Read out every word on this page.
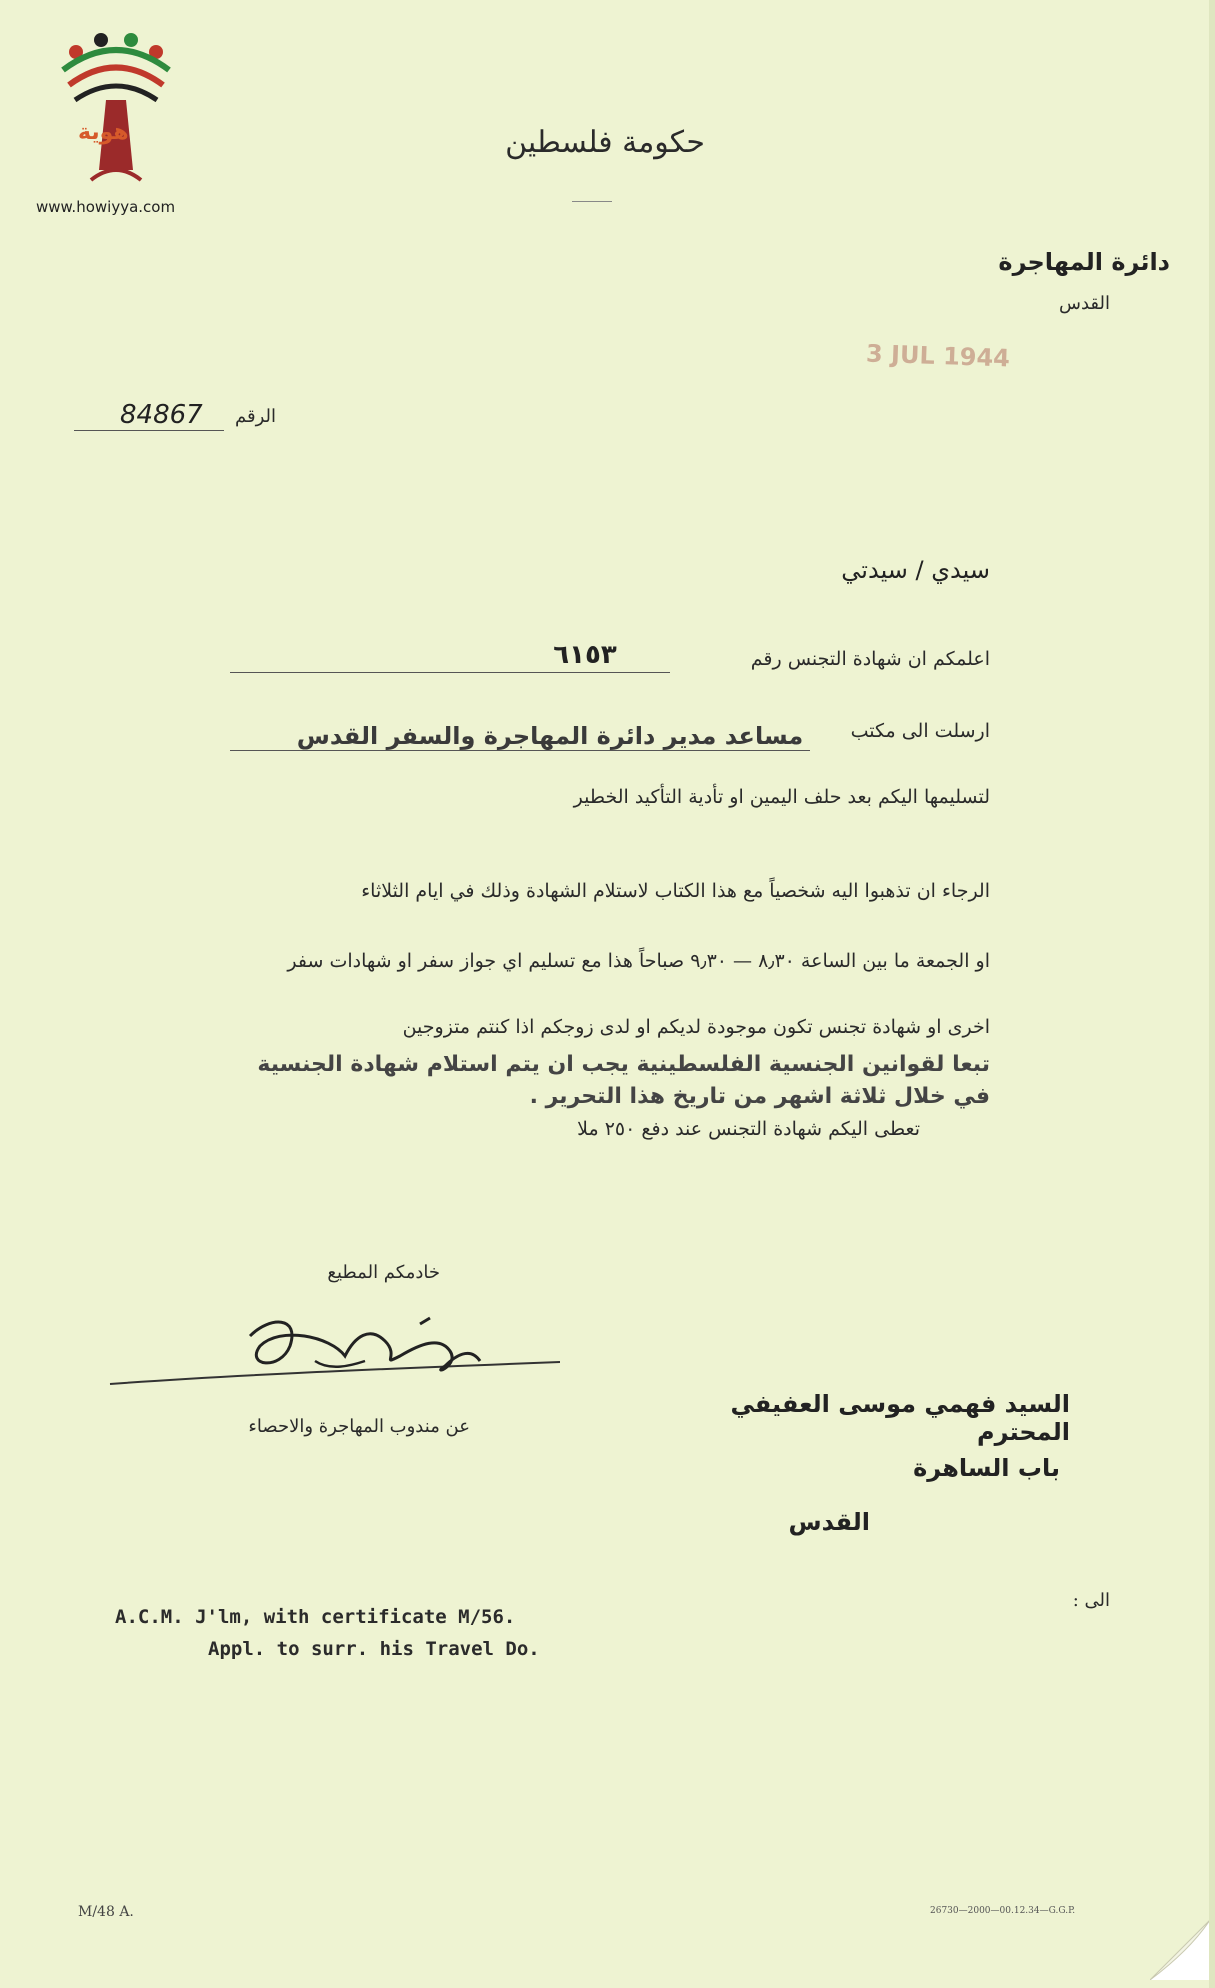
هوية
www.howiyya.com
حكومة فلسطين
دائرة المهاجرة
القدس
3 JUL 1944
الرقم
84867
سيدي / سيدتي
اعلمكم ان شهادة التجنس رقم
٦١٥٣
ارسلت الى مكتب
مساعد مدير دائرة المهاجرة والسفر القدس
لتسليمها اليكم بعد حلف اليمين او تأدية التأكيد الخطير
الرجاء ان تذهبوا اليه شخصياً مع هذا الكتاب لاستلام الشهادة وذلك في ايام الثلاثاء
او الجمعة ما بين الساعة ٨٫٣٠ — ٩٫٣٠ صباحاً هذا مع تسليم اي جواز سفر او شهادات سفر
اخرى او شهادة تجنس تكون موجودة لديكم او لدى زوجكم اذا كنتم متزوجين
تبعا لقوانين الجنسية الفلسطينية يجب ان يتم استلام شهادة الجنسية
في خلال ثلاثة اشهر من تاريخ هذا التحرير .
تعطى اليكم شهادة التجنس عند دفع ٢٥٠ ملا
خادمكم المطيع
عن مندوب المهاجرة والاحصاء
السيد فهمي موسى العفيفي المحترم
باب الساهرة
القدس
الى :
A.C.M. J'lm, with certificate M/56.
Appl. to surr. his Travel Do.
M/48 A.	26730—2000—00.12.34—G.G.P.
